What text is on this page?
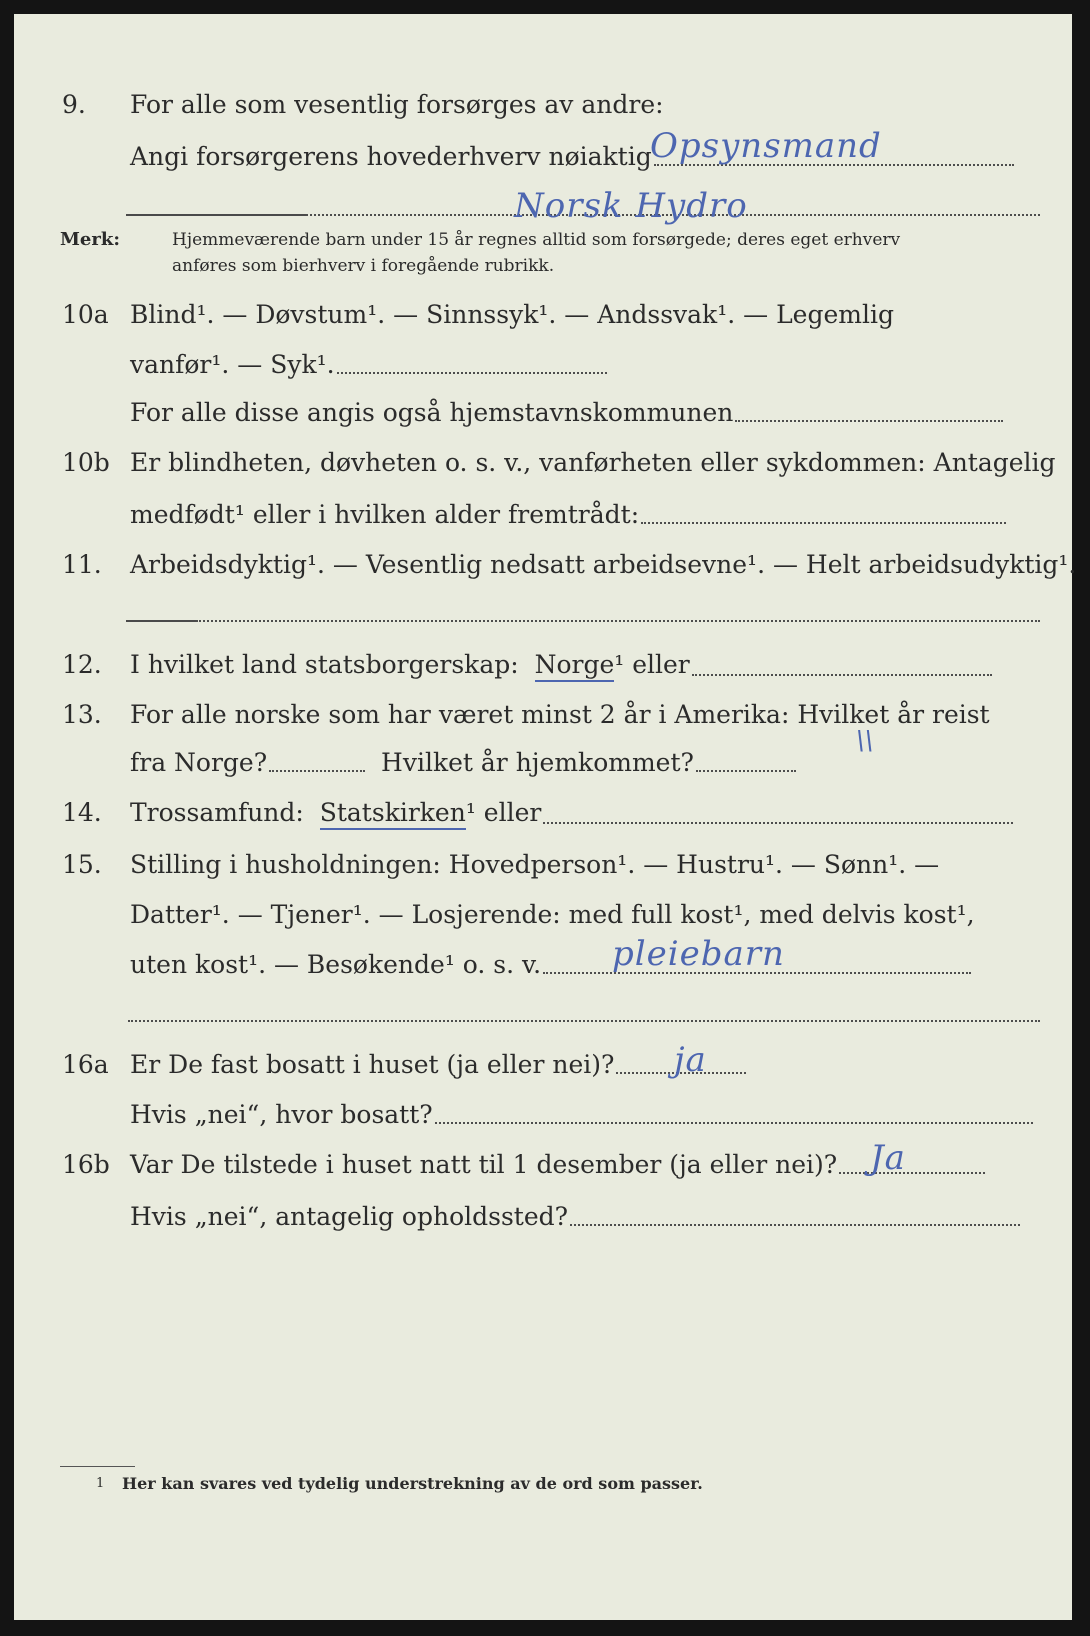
9. For alle som vesentlig forsørges av andre:
Angi forsørgerens hovederhverv nøiaktig
Opsynsmand
Norsk Hydro
Merk:	Hjemmeværende barn under 15 år regnes alltid som forsørgede; deres eget erhverv
anføres som bierhverv i foregående rubrikk.
10a Blind¹. — Døvstum¹. — Sinnssyk¹. — Andssvak¹. — Legemlig
vanfør¹. — Syk¹.
For alle disse angis også hjemstavnskommunen
10b Er blindheten, døvheten o. s. v., vanførheten eller sykdommen: Antagelig
medfødt¹ eller i hvilken alder fremtrådt:
11. Arbeidsdyktig¹. — Vesentlig nedsatt arbeidsevne¹. — Helt arbeidsudyktig¹.
12. I hvilket land statsborgerskap:
Norge ¹ eller
13. For alle norske som har været minst 2 år i Amerika: Hvilket år reist
fra Norge?
	Hvilket år hjemkommet?
\\
14. Trossamfund:
Statskirken ¹ eller
15. Stilling i husholdningen: Hovedperson¹. — Hustru¹. — Sønn¹. —
Datter¹. — Tjener¹. — Losjerende: med full kost¹, med delvis kost¹,
uten kost¹. — Besøkende¹ o. s. v. pleiebarn
16a Er De fast bosatt i huset (ja eller nei)? ja
Hvis „nei“, hvor bosatt?
16b Var De tilstede i huset natt til 1 desember (ja eller nei)? Ja
Hvis „nei“, antagelig opholdssted?
1 Her kan svares ved tydelig understrekning av de ord som passer.
